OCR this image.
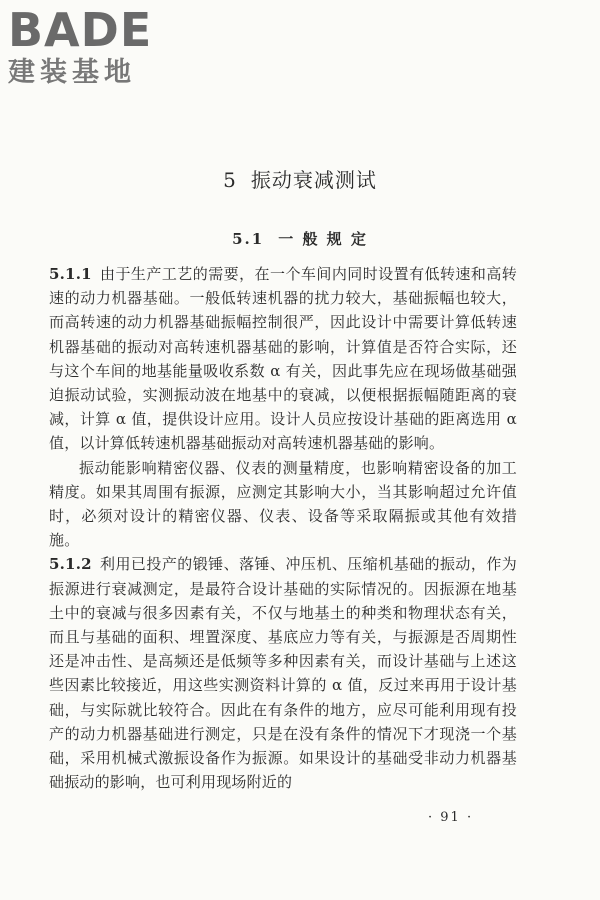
BADE
建装基地
5 振动衰减测试
5.1 一 般 规 定

5.1.1 由于生产工艺的需要，在一个车间内同时设置有低转速和高转速的动力机器基础。一般低转速机器的扰力较大，基础振幅也较大，而高转速的动力机器基础振幅控制很严，因此设计中需要计算低转速机器基础的振动对高转速机器基础的影响，计算值是否符合实际，还与这个车间的地基能量吸收系数 α 有关，因此事先应在现场做基础强迫振动试验，实测振动波在地基中的衰减，以便根据振幅随距离的衰减，计算 α 值，提供设计应用。设计人员应按设计基础的距离选用 α 值，以计算低转速机器基础振动对高转速机器基础的影响。

振动能影响精密仪器、仪表的测量精度，也影响精密设备的加工精度。如果其周围有振源，应测定其影响大小，当其影响超过允许值时，必须对设计的精密仪器、仪表、设备等采取隔振或其他有效措施。

5.1.2 利用已投产的锻锤、落锤、冲压机、压缩机基础的振动，作为振源进行衰减测定，是最符合设计基础的实际情况的。因振源在地基土中的衰减与很多因素有关，不仅与地基土的种类和物理状态有关，而且与基础的面积、埋置深度、基底应力等有关，与振源是否周期性还是冲击性、是高频还是低频等多种因素有关，而设计基础与上述这些因素比较接近，用这些实测资料计算的 α 值，反过来再用于设计基础，与实际就比较符合。因此在有条件的地方，应尽可能利用现有投产的动力机器基础进行测定，只是在没有条件的情况下才现浇一个基础，采用机械式激振设备作为振源。如果设计的基础受非动力机器基础振动的影响，也可利用现场附近的

· 91 ·
